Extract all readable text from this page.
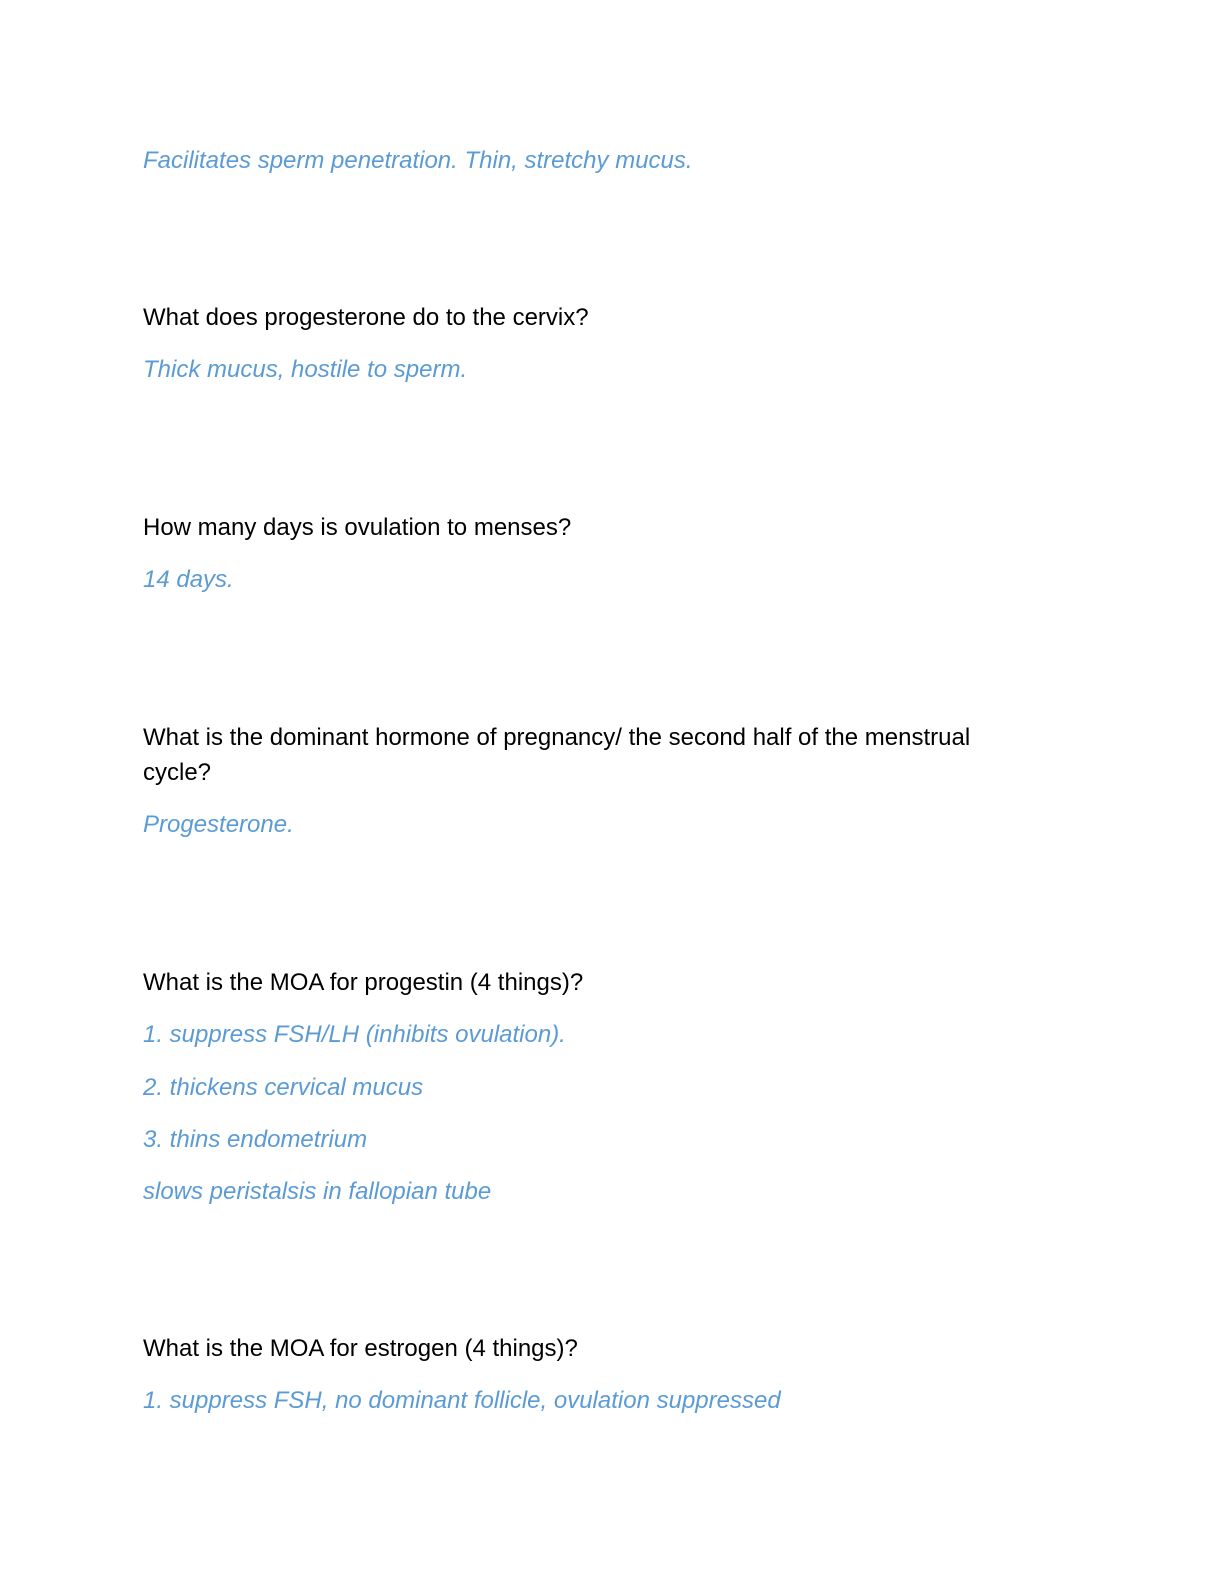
Facilitates sperm penetration. Thin, stretchy mucus.
What does progesterone do to the cervix?
Thick mucus, hostile to sperm.
How many days is ovulation to menses?
14 days.
What is the dominant hormone of pregnancy/ the second half of the menstrual
cycle?
Progesterone.
What is the MOA for progestin (4 things)?
1. suppress FSH/LH (inhibits ovulation).
2. thickens cervical mucus
3. thins endometrium
slows peristalsis in fallopian tube
What is the MOA for estrogen (4 things)?
1. suppress FSH, no dominant follicle, ovulation suppressed
